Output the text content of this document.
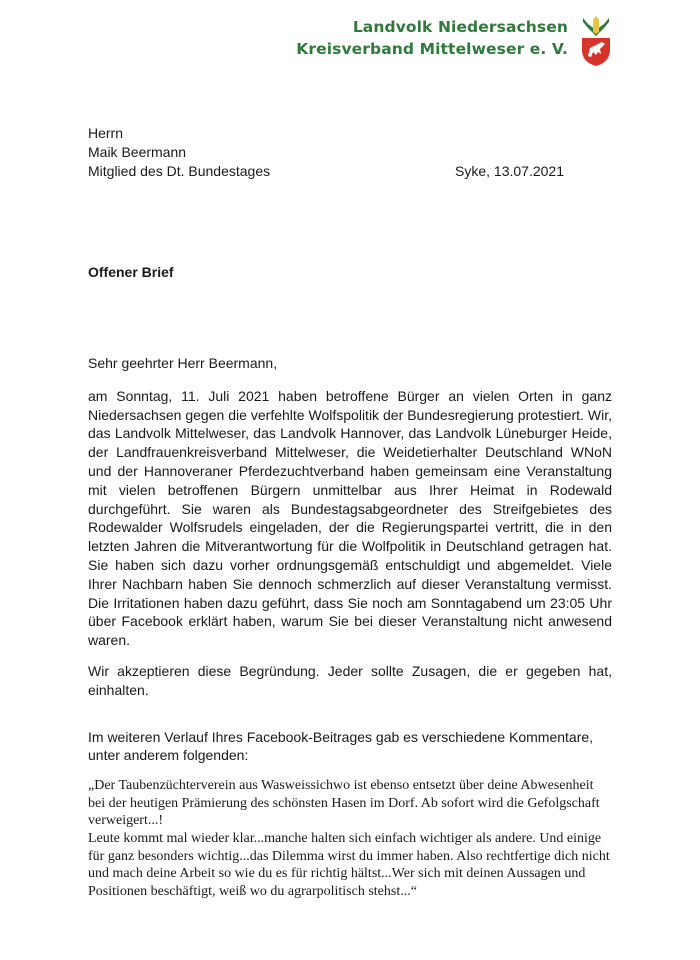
Landvolk Niedersachsen
Kreisverband Mittelweser e. V.
Herrn
Maik Beermann
Mitglied des Dt. Bundestages	Syke, 13.07.2021
Offener Brief

Sehr geehrter Herr Beermann,

am Sonntag, 11. Juli 2021 haben betroffene Bürger an vielen Orten in ganz Niedersachsen gegen die verfehlte Wolfspolitik der Bundesregierung protestiert. Wir, das Landvolk Mittelweser, das Landvolk Hannover, das Landvolk Lüneburger Heide, der Landfrauenkreisverband Mittelweser, die Weidetierhalter Deutschland WNoN und der Hannoveraner Pferdezuchtverband haben gemeinsam eine Veranstaltung mit vielen betroffenen Bürgern unmittelbar aus Ihrer Heimat in Rodewald durchgeführt. Sie waren als Bundestagsabgeordneter des Streifgebietes des Rodewalder Wolfsrudels eingeladen, der die Regierungspartei vertritt, die in den letzten Jahren die Mitverantwortung für die Wolfpolitik in Deutschland getragen hat. Sie haben sich dazu vorher ordnungsgemäß entschuldigt und abgemeldet. Viele Ihrer Nachbarn haben Sie dennoch schmerzlich auf dieser Veranstaltung vermisst. Die Irritationen haben dazu geführt, dass Sie noch am Sonntagabend um 23:05 Uhr über Facebook erklärt haben, warum Sie bei dieser Veranstaltung nicht anwesend waren.

Wir akzeptieren diese Begründung. Jeder sollte Zusagen, die er gegeben hat, einhalten.

Im weiteren Verlauf Ihres Facebook-Beitrages gab es verschiedene Kommentare, unter anderem folgenden:

„Der Taubenzüchterverein aus Wasweissichwo ist ebenso entsetzt über deine Abwesenheit bei der heutigen Prämierung des schönsten Hasen im Dorf. Ab sofort wird die Gefolgschaft verweigert...!
Leute kommt mal wieder klar...manche halten sich einfach wichtiger als andere. Und einige für ganz besonders wichtig...das Dilemma wirst du immer haben. Also rechtfertige dich nicht und mach deine Arbeit so wie du es für richtig hältst...Wer sich mit deinen Aussagen und Positionen beschäftigt, weiß wo du agrarpolitisch stehst...“
